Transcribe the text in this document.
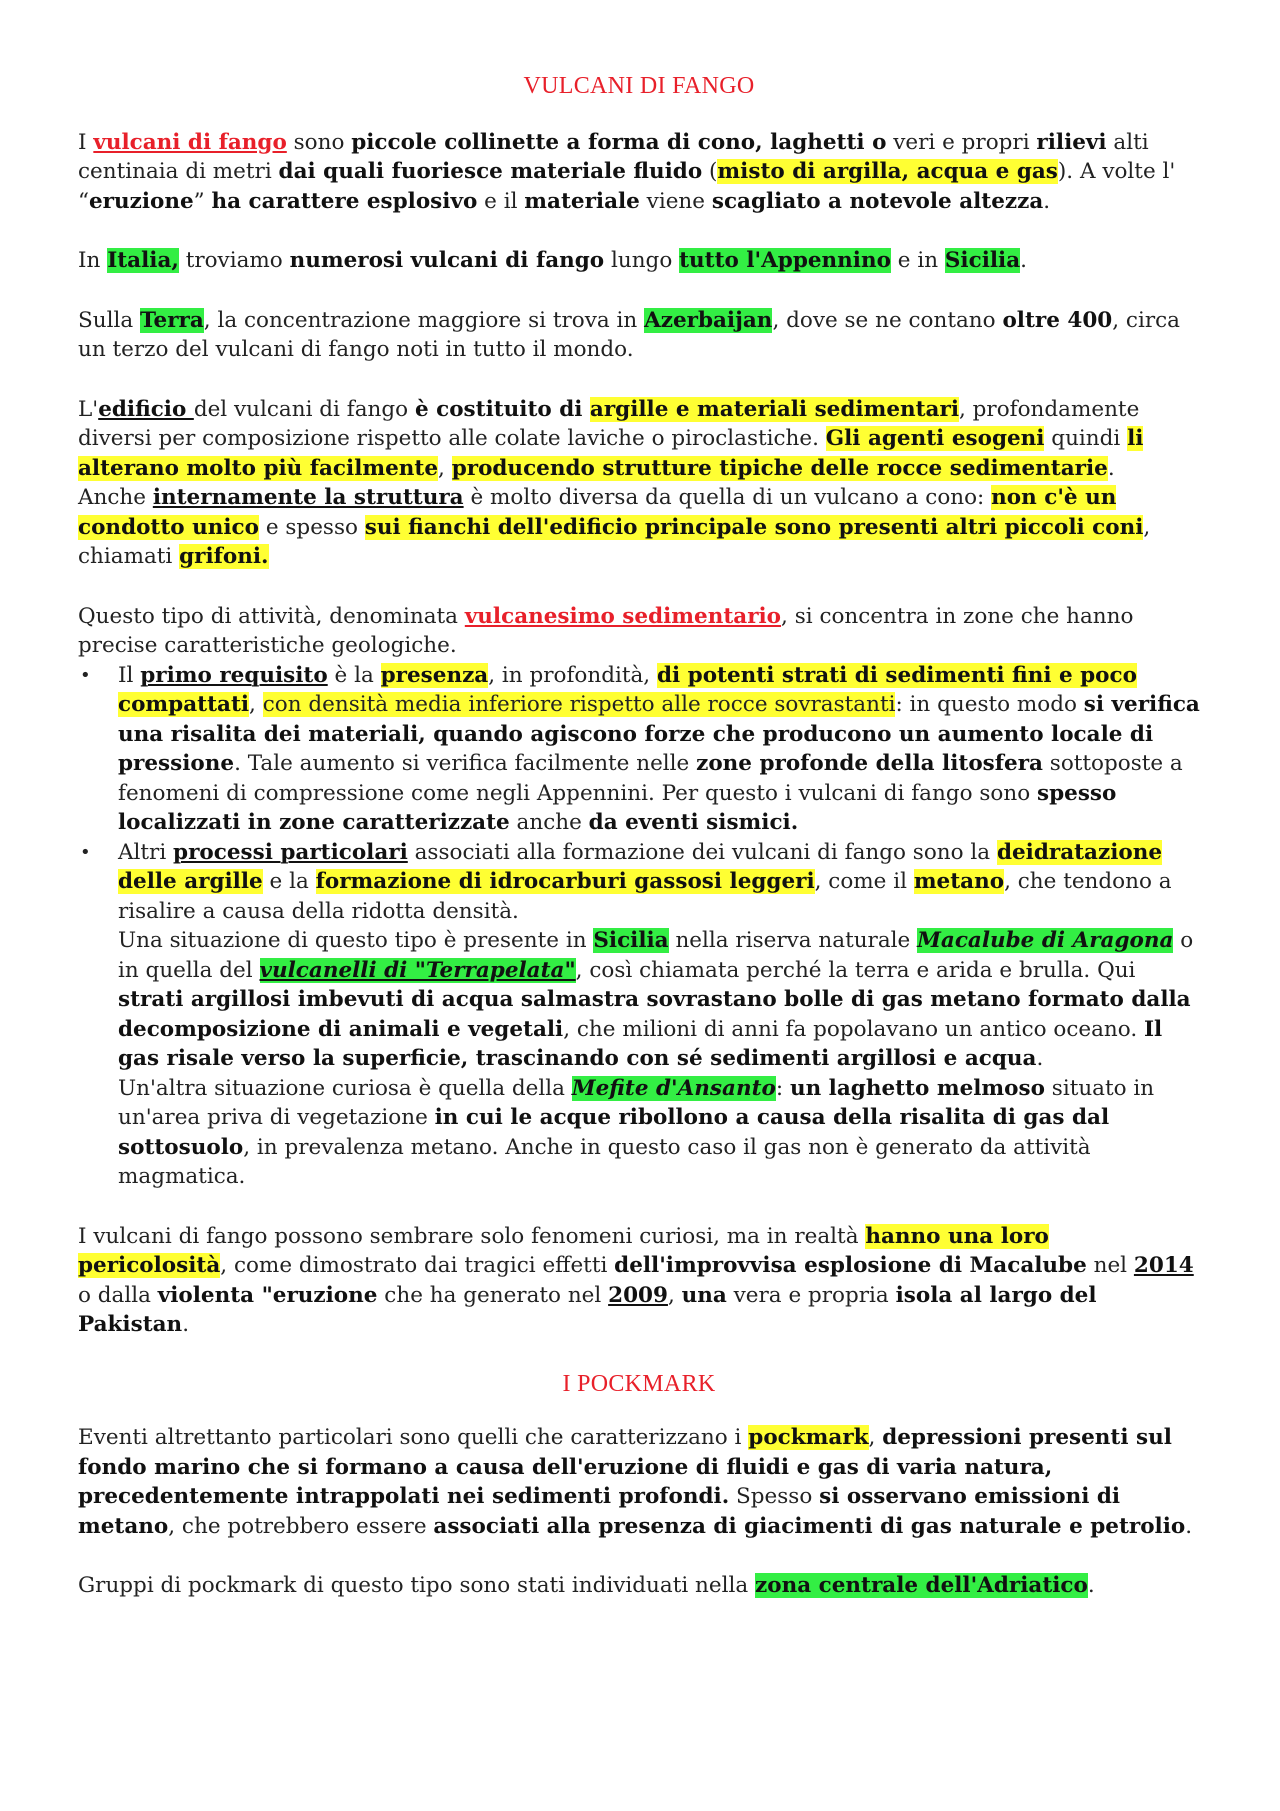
VULCANI DI FANGO

I vulcani di fango sono piccole collinette a forma di cono, laghetti o veri e propri rilievi alti centinaia di metri dai quali fuoriesce materiale fluido (misto di argilla, acqua e gas). A volte l' “eruzione” ha carattere esplosivo e il materiale viene scagliato a notevole altezza.

In Italia, troviamo numerosi vulcani di fango lungo tutto l'Appennino e in Sicilia.

Sulla Terra, la concentrazione maggiore si trova in Azerbaijan, dove se ne contano oltre 400, circa un terzo del vulcani di fango noti in tutto il mondo.

L'edificio del vulcani di fango è costituito di argille e materiali sedimentari, profondamente diversi per composizione rispetto alle colate laviche o piroclastiche. Gli agenti esogeni quindi li alterano molto più facilmente, producendo strutture tipiche delle rocce sedimentarie.

Anche internamente la struttura è molto diversa da quella di un vulcano a cono: non c'è un condotto unico e spesso sui fianchi dell'edificio principale sono presenti altri piccoli coni, chiamati grifoni.

Questo tipo di attività, denominata vulcanesimo sedimentario, si concentra in zone che hanno precise caratteristiche geologiche.

• Il primo requisito è la presenza, in profondità, di potenti strati di sedimenti fini e poco compattati, con densità media inferiore rispetto alle rocce sovrastanti: in questo modo si verifica una risalita dei materiali, quando agiscono forze che producono un aumento locale di pressione. Tale aumento si verifica facilmente nelle zone profonde della litosfera sottoposte a fenomeni di compressione come negli Appennini. Per questo i vulcani di fango sono spesso localizzati in zone caratterizzate anche da eventi sismici.

• Altri processi particolari associati alla formazione dei vulcani di fango sono la deidratazione delle argille e la formazione di idrocarburi gassosi leggeri, come il metano, che tendono a risalire a causa della ridotta densità.

Una situazione di questo tipo è presente in Sicilia nella riserva naturale Macalube di Aragona o in quella del vulcanelli di "Terrapelata", così chiamata perché la terra e arida e brulla. Qui strati argillosi imbevuti di acqua salmastra sovrastano bolle di gas metano formato dalla decomposizione di animali e vegetali, che milioni di anni fa popolavano un antico oceano. Il gas risale verso la superficie, trascinando con sé sedimenti argillosi e acqua.

Un'altra situazione curiosa è quella della Mefite d'Ansanto: un laghetto melmoso situato in un'area priva di vegetazione in cui le acque ribollono a causa della risalita di gas dal sottosuolo, in prevalenza metano. Anche in questo caso il gas non è generato da attività magmatica.

I vulcani di fango possono sembrare solo fenomeni curiosi, ma in realtà hanno una loro pericolosità, come dimostrato dai tragici effetti dell'improvvisa esplosione di Macalube nel 2014 o dalla violenta "eruzione che ha generato nel 2009, una vera e propria isola al largo del Pakistan.

I POCKMARK

Eventi altrettanto particolari sono quelli che caratterizzano i pockmark, depressioni presenti sul fondo marino che si formano a causa dell'eruzione di fluidi e gas di varia natura, precedentemente intrappolati nei sedimenti profondi. Spesso si osservano emissioni di metano, che potrebbero essere associati alla presenza di giacimenti di gas naturale e petrolio.

Gruppi di pockmark di questo tipo sono stati individuati nella zona centrale dell'Adriatico.
